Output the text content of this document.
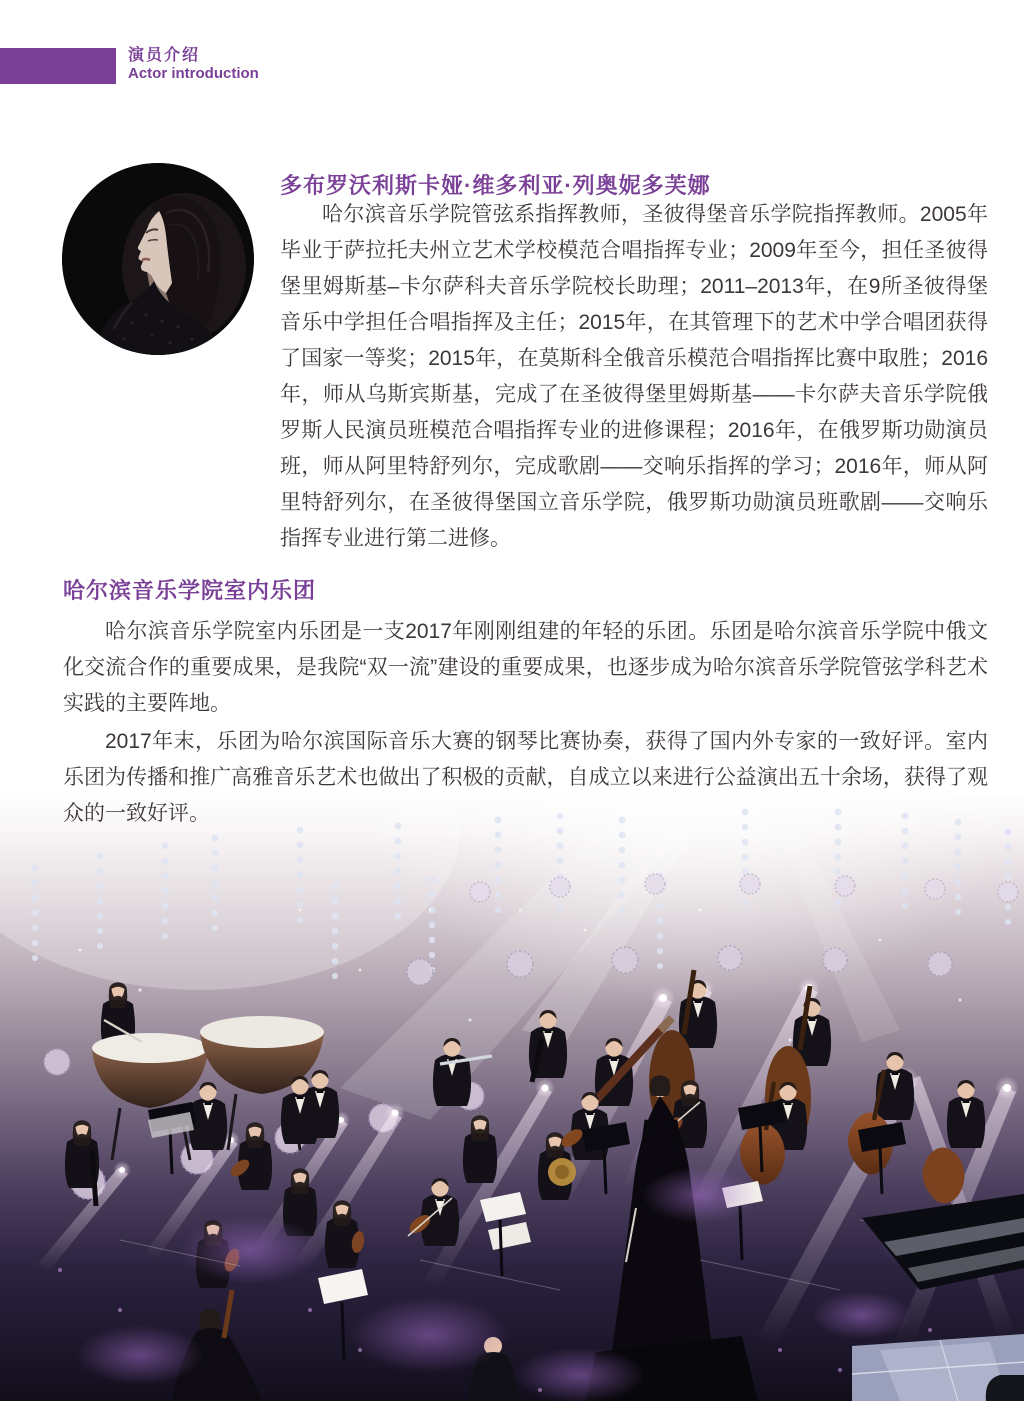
演员介绍
Actor introduction
多布罗沃利斯卡娅·维多利亚·列奥妮多芙娜
哈尔滨音乐学院管弦系指挥教师，圣彼得堡音乐学院指挥教师。2005年毕业于萨拉托夫州立艺术学校模范合唱指挥专业；2009年至今，担任圣彼得堡里姆斯基–卡尔萨科夫音乐学院校长助理；2011–2013年，在9所圣彼得堡音乐中学担任合唱指挥及主任；2015年，在其管理下的艺术中学合唱团获得了国家一等奖；2015年，在莫斯科全俄音乐模范合唱指挥比赛中取胜；2016年，师从乌斯宾斯基，完成了在圣彼得堡里姆斯基——卡尔萨夫音乐学院俄罗斯人民演员班模范合唱指挥专业的进修课程；2016年，在俄罗斯功勋演员班，师从阿里特舒列尔，完成歌剧——交响乐指挥的学习；2016年，师从阿里特舒列尔，在圣彼得堡国立音乐学院，俄罗斯功勋演员班歌剧——交响乐指挥专业进行第二进修。
哈尔滨音乐学院室内乐团

哈尔滨音乐学院室内乐团是一支2017年刚刚组建的年轻的乐团。乐团是哈尔滨音乐学院中俄文化交流合作的重要成果，是我院“双一流”建设的重要成果，也逐步成为哈尔滨音乐学院管弦学科艺术实践的主要阵地。

2017年末，乐团为哈尔滨国际音乐大赛的钢琴比赛协奏，获得了国内外专家的一致好评。室内乐团为传播和推广高雅音乐艺术也做出了积极的贡献，自成立以来进行公益演出五十余场，获得了观众的一致好评。
